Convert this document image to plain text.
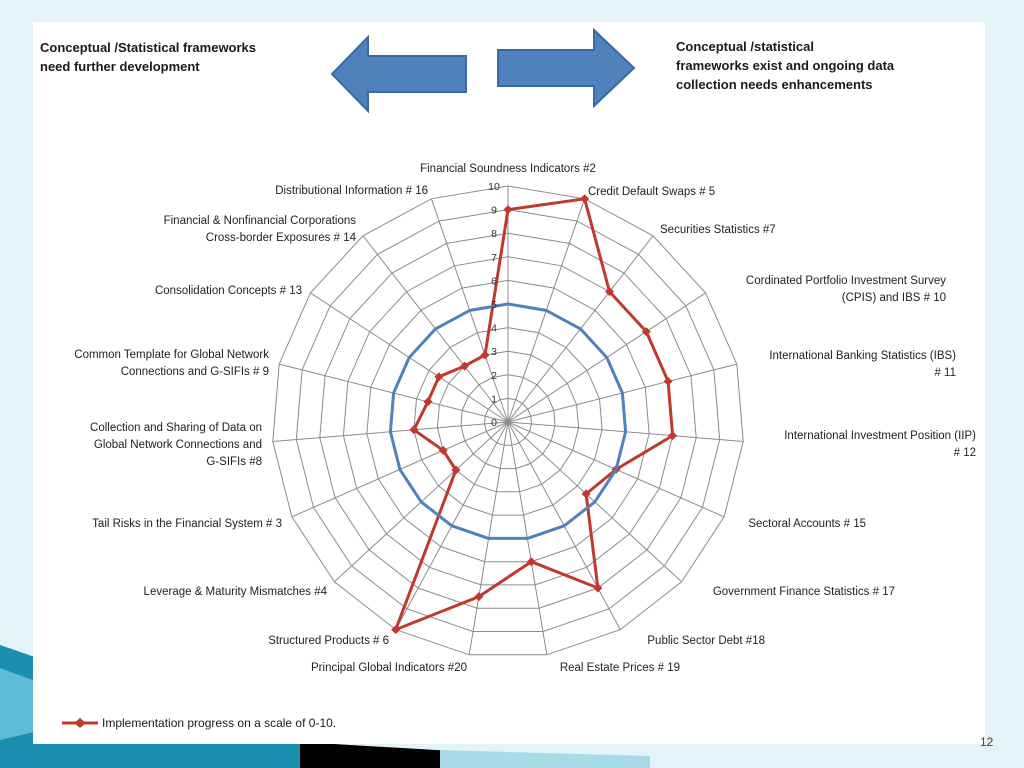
Conceptual /Statistical frameworks
need further development
Conceptual /statistical
frameworks exist and ongoing data
collection needs enhancements
0
1
2
3
4
5
6
7
8
9
10
Financial Soundness Indicators #2
Credit Default Swaps # 5
Securities Statistics #7
Cordinated Portfolio Investment Survey (CPIS) and IBS # 10
International Banking Statistics (IBS) # 11
International Investment Position (IIP) # 12
Sectoral Accounts # 15
Government Finance Statistics # 17
Public Sector Debt #18
Real Estate Prices # 19
Principal Global Indicators #20
Structured Products # 6
Leverage & Maturity Mismatches #4
Tail Risks in the Financial System # 3
Collection and Sharing of Data on Global Network Connections and G-SIFIs #8
Common Template for Global Network Connections and G-SIFIs # 9
Consolidation Concepts # 13
Financial & Nonfinancial Corporations Cross-border Exposures # 14
Distributional Information # 16
Implementation progress on a scale of 0-10.
12
